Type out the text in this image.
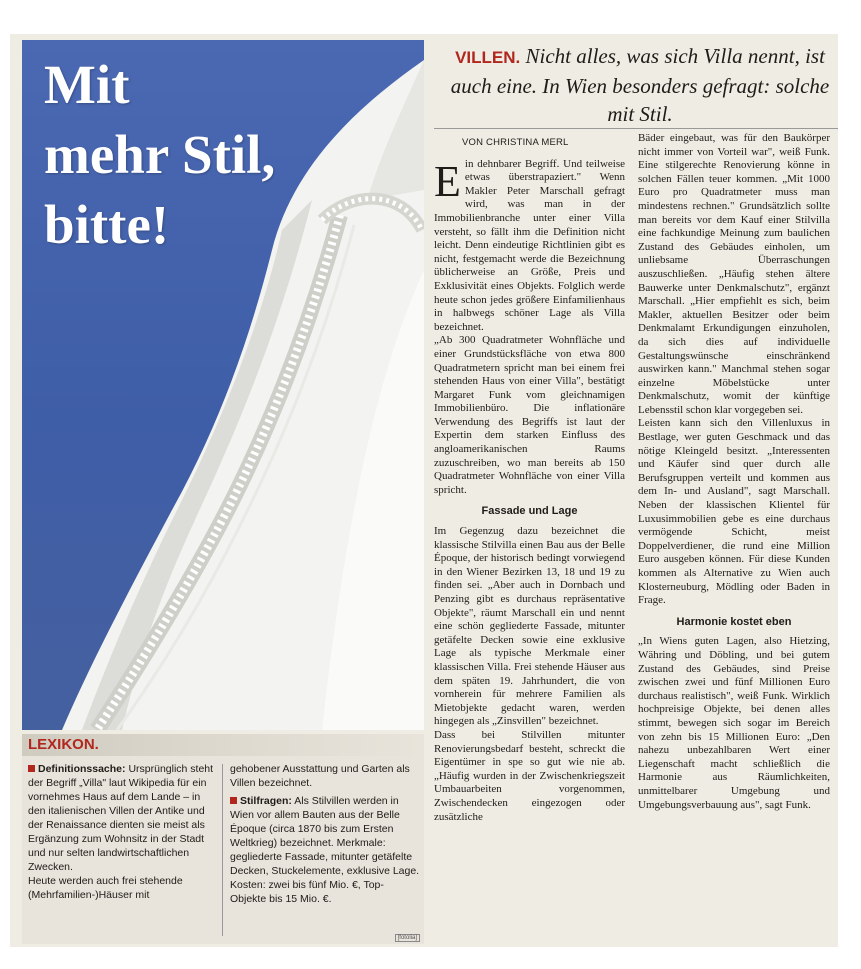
Mit
mehr Stil,
bitte!

VILLEN. Nicht alles, was sich Villa nennt, ist auch eine. In Wien besonders gefragt: solche mit Stil.

VON CHRISTINA MERL

Ein dehnbarer Begriff. Und teilweise etwas überstrapaziert." Wenn Makler Peter Marschall gefragt wird, was man in der Immobilienbranche unter einer Villa versteht, so fällt ihm die Definition nicht leicht. Denn eindeutige Richtlinien gibt es nicht, festgemacht werde die Bezeichnung üblicherweise an Größe, Preis und Exklusivität eines Objekts. Folglich werde heute schon jedes größere Einfamilienhaus in halbwegs schöner Lage als Villa bezeichnet.

„Ab 300 Quadratmeter Wohnfläche und einer Grundstücksfläche von etwa 800 Quadratmetern spricht man bei einem frei stehenden Haus von einer Villa", bestätigt Margaret Funk vom gleichnamigen Immobilienbüro. Die inflationäre Verwendung des Begriffs ist laut der Expertin dem starken Einfluss des angloamerikanischen Raums zuzuschreiben, wo man bereits ab 150 Quadratmeter Wohnfläche von einer Villa spricht.

Fassade und Lage

Im Gegenzug dazu bezeichnet die klassische Stilvilla einen Bau aus der Belle Époque, der historisch bedingt vorwiegend in den Wiener Bezirken 13, 18 und 19 zu finden sei. „Aber auch in Dornbach und Penzing gibt es durchaus repräsentative Objekte", räumt Marschall ein und nennt eine schön gegliederte Fassade, mitunter getäfelte Decken sowie eine exklusive Lage als typische Merkmale einer klassischen Villa. Frei stehende Häuser aus dem späten 19. Jahrhundert, die von vornherein für mehrere Familien als Mietobjekte gedacht waren, werden hingegen als „Zinsvillen" bezeichnet.

Dass bei Stilvillen mitunter Renovierungsbedarf besteht, schreckt die Eigentümer in spe so gut wie nie ab. „Häufig wurden in der Zwischenkriegszeit Umbauarbeiten vorgenommen, Zwischendecken eingezogen oder zusätzliche

Bäder eingebaut, was für den Baukörper nicht immer von Vorteil war", weiß Funk. Eine stilgerechte Renovierung könne in solchen Fällen teuer kommen. „Mit 1000 Euro pro Quadratmeter muss man mindestens rechnen." Grundsätzlich sollte man bereits vor dem Kauf einer Stilvilla eine fachkundige Meinung zum baulichen Zustand des Gebäudes einholen, um unliebsame Überraschungen auszuschließen. „Häufig stehen ältere Bauwerke unter Denkmalschutz", ergänzt Marschall. „Hier empfiehlt es sich, beim Makler, aktuellen Besitzer oder beim Denkmalamt Erkundigungen einzuholen, da sich dies auf individuelle Gestaltungswünsche einschränkend auswirken kann." Manchmal stehen sogar einzelne Möbelstücke unter Denkmalschutz, womit der künftige Lebensstil schon klar vorgegeben sei.

Leisten kann sich den Villenluxus in Bestlage, wer guten Geschmack und das nötige Kleingeld besitzt. „Interessenten und Käufer sind quer durch alle Berufsgruppen verteilt und kommen aus dem In- und Ausland", sagt Marschall. Neben der klassischen Klientel für Luxusimmobilien gebe es eine durchaus vermögende Schicht, meist Doppelverdiener, die rund eine Million Euro ausgeben können. Für diese Kunden kommen als Alternative zu Wien auch Klosterneuburg, Mödling oder Baden in Frage.

Harmonie kostet eben

„In Wiens guten Lagen, also Hietzing, Währing und Döbling, und bei gutem Zustand des Gebäudes, sind Preise zwischen zwei und fünf Millionen Euro durchaus realistisch", weiß Funk. Wirklich hochpreisige Objekte, bei denen alles stimmt, bewegen sich sogar im Bereich von zehn bis 15 Millionen Euro: „Den nahezu unbezahlbaren Wert einer Liegenschaft macht schließlich die Harmonie aus Räumlichkeiten, unmittelbarer Umgebung und Umgebungsverbauung aus", sagt Funk.

LEXIKON.

Definitionssache: Ursprünglich steht der Begriff „Villa" laut Wikipedia für ein vornehmes Haus auf dem Lande – in den italienischen Villen der Antike und der Renaissance dienten sie meist als Ergänzung zum Wohnsitz in der Stadt und nur selten landwirtschaftlichen Zwecken.

Heute werden auch frei stehende (Mehrfamilien-)Häuser mit

gehobener Ausstattung und Garten als Villen bezeichnet.

Stilfragen: Als Stilvillen werden in Wien vor allem Bauten aus der Belle Époque (circa 1870 bis zum Ersten Weltkrieg) bezeichnet. Merkmale: gegliederte Fassade, mitunter getäfelte Decken, Stuckelemente, exklusive Lage. Kosten: zwei bis fünf Mio. €, Top-Objekte bis 15 Mio. €.

[fotolia]
